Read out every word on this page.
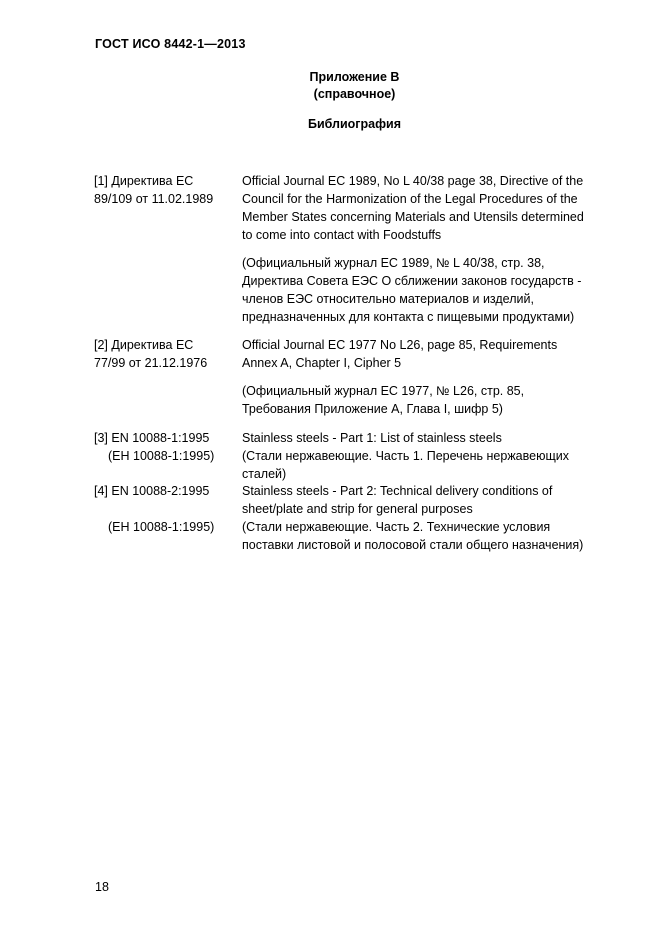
ГОСТ ИСО 8442-1—2013
Приложение В
(справочное)
Библиография
[1] Директива ЕС
89/109 от 11.02.1989
Official Journal EC 1989, No L 40/38 page 38, Directive of the
Council for the Harmonization of the Legal Procedures of the
Member States concerning Materials and Utensils determined
to come into contact with Foodstuffs
(Официальный журнал ЕС 1989, № L 40/38, стр. 38,
Директива Совета ЕЭС О сближении законов государств -
членов ЕЭС относительно материалов и изделий,
предназначенных для контакта с пищевыми продуктами)
[2] Директива ЕС
77/99 от 21.12.1976
Official Journal EC 1977 No L26, page 85, Requirements
Annex A, Chapter I, Cipher 5
(Официальный журнал ЕС 1977, № L26, стр. 85,
Требования Приложение А, Глава I, шифр 5)
[3] EN 10088-1:1995
(ЕН 10088-1:1995)
Stainless steels - Part 1: List of stainless steels
(Стали нержавеющие. Часть 1. Перечень нержавеющих
сталей)
[4] EN 10088-2:1995
(ЕН 10088-1:1995)
Stainless steels - Part 2: Technical delivery conditions of
sheet/plate and strip for general purposes
(Стали нержавеющие. Часть 2. Технические условия
поставки листовой и полосовой стали общего назначения)
18
